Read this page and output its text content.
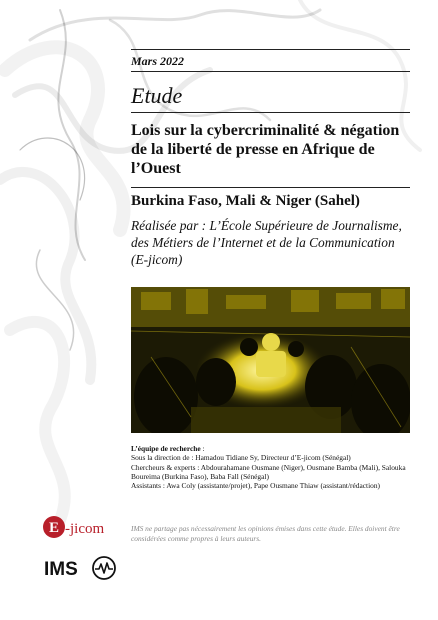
Mars 2022
Etude
Lois sur la cybercriminalité & négation de la liberté de presse en Afrique de l’Ouest
Burkina Faso, Mali & Niger (Sahel)
Réalisée par : L’École Supérieure de Journalisme, des Métiers de l’Internet et de la Communication (E-jicom)
L’équipe de recherche :
Sous la direction de : Hamadou Tidiane Sy, Directeur d’E-jicom (Sénégal)
Chercheurs & experts : Abdourahamane Ousmane (Niger), Ousmane Bamba (Mali), Salouka Boureima (Burkina Faso), Baba Fall (Sénégal)
Assistants : Awa Coly (assistante/projet), Pape Ousmane Thiaw (assistant/rédaction)
IMS ne partage pas nécessairement les opinions émises dans cette étude. Elles doivent être considérées comme propres à leurs auteurs.
E -jicom
IMS
